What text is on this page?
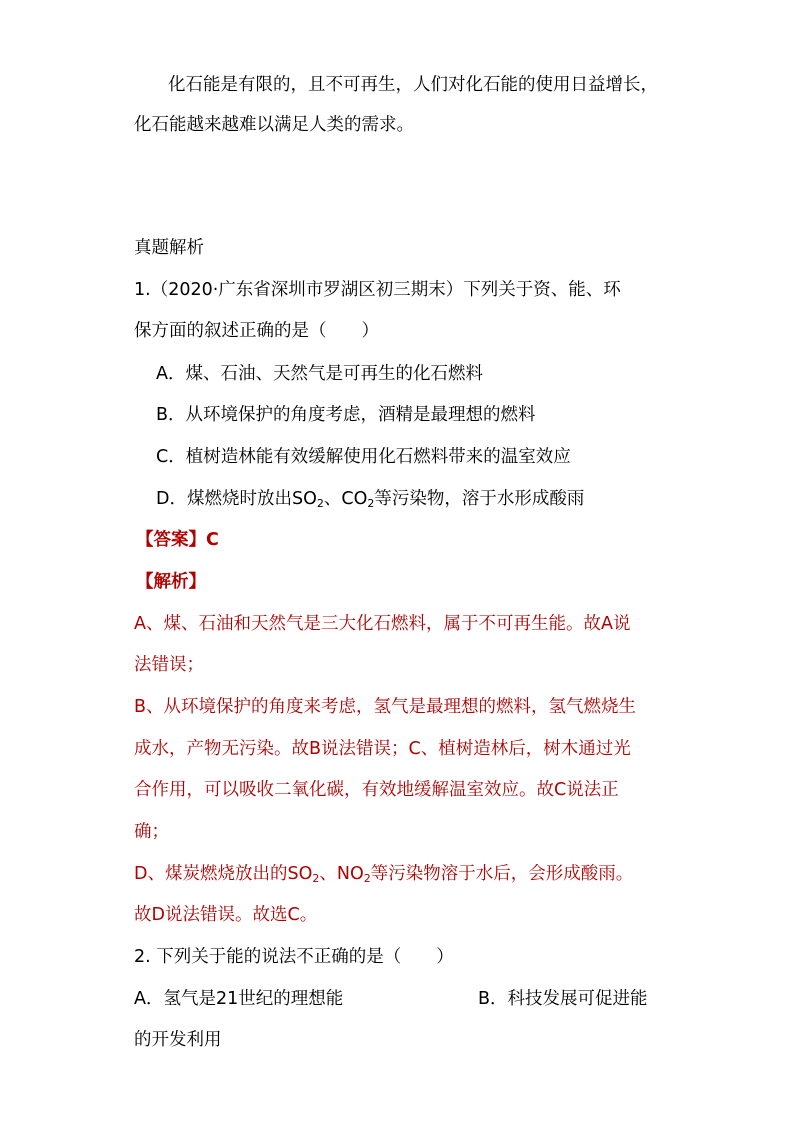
化石能是有限的，且不可再生，人们对化石能的使用日益增长，
化石能越来越难以满足人类的需求。
真题解析
1.（2020·广东省深圳市罗湖区初三期末）下列关于资、能、环
保方面的叙述正确的是（　　）
A．煤、石油、天然气是可再生的化石燃料
B．从环境保护的角度考虑，酒精是最理想的燃料
C．植树造林能有效缓解使用化石燃料带来的温室效应
D．煤燃烧时放出$SO_2$、$CO_2$等污染物，溶于水形成酸雨
【答案】C
【解析】
A、煤、石油和天然气是三大化石燃料，属于不可再生能。故A说
法错误；
B、从环境保护的角度来考虑，氢气是最理想的燃料，氢气燃烧生
成水，产物无污染。故B说法错误；C、植树造林后，树木通过光
合作用，可以吸收二氧化碳，有效地缓解温室效应。故C说法正
确；
D、煤炭燃烧放出的$SO_2$、$NO_2$等污染物溶于水后，会形成酸雨。
故D说法错误。故选C。
2. 下列关于能的说法不正确的是（　　）
A．氢气是21世纪的理想能	B．科技发展可促进能
的开发利用
